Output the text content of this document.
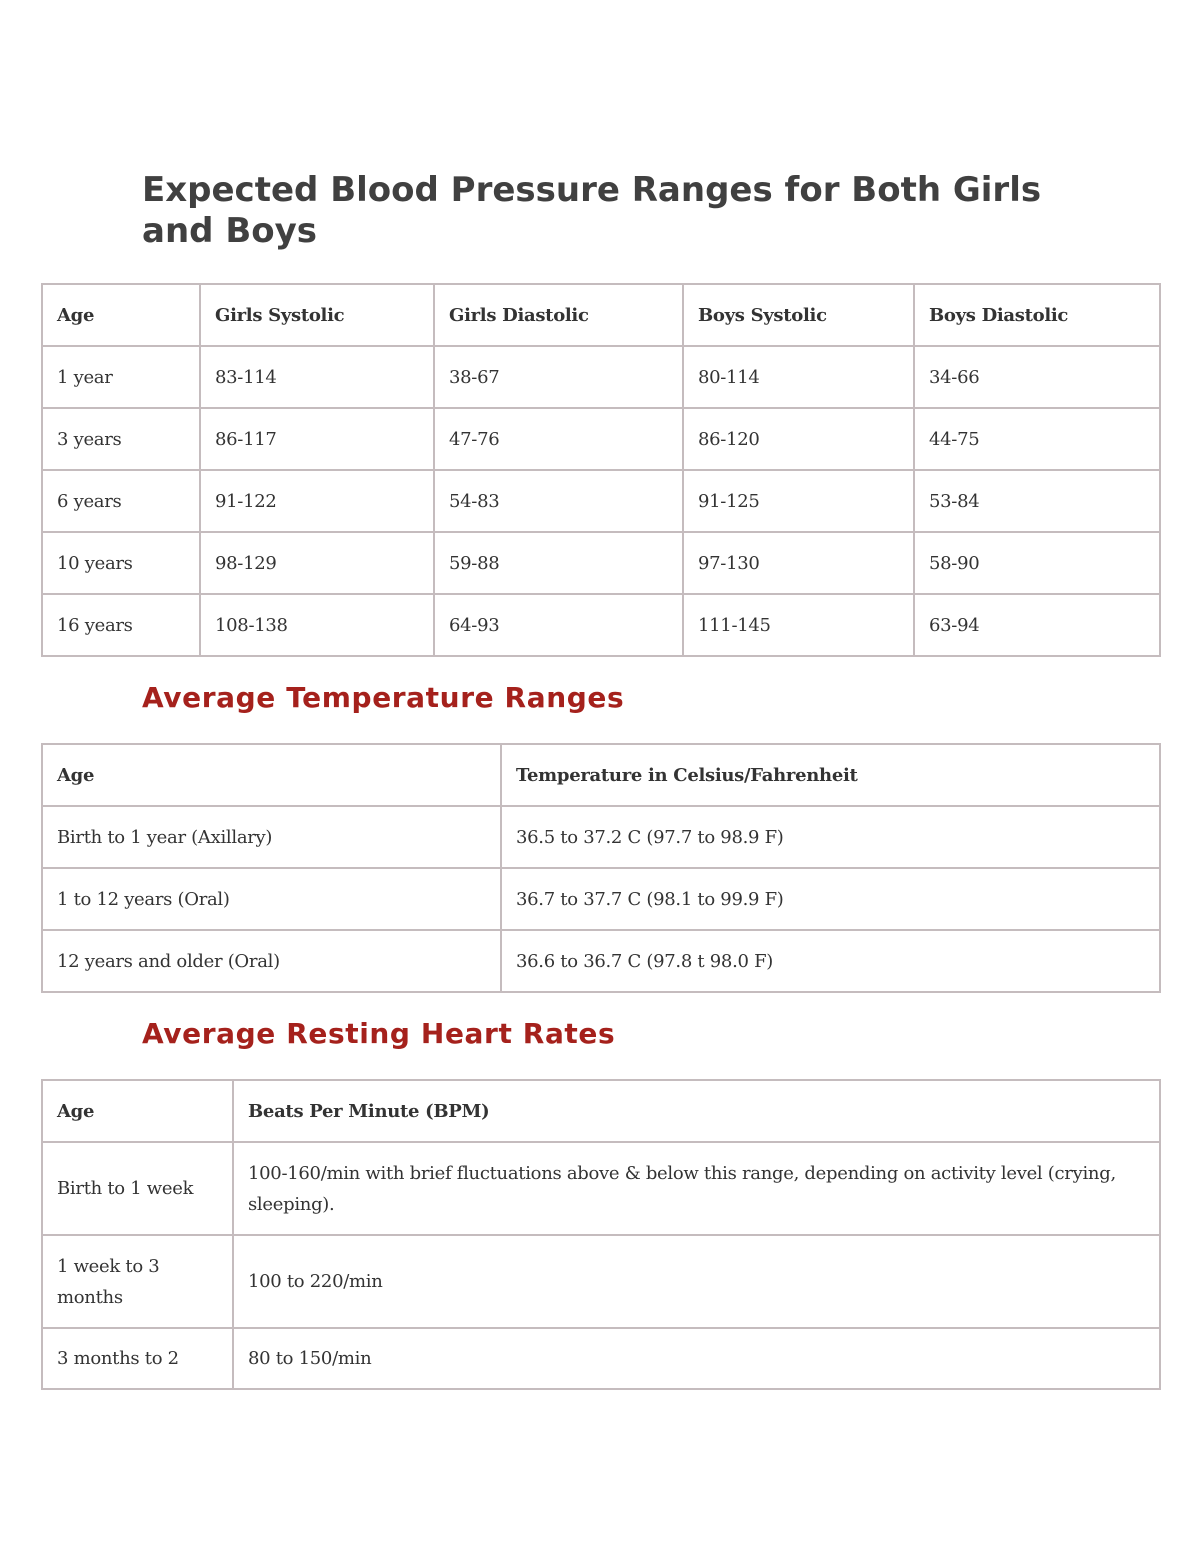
Expected Blood Pressure Ranges for Both Girls and Boys
Age	Girls Systolic	Girls Diastolic	Boys Systolic	Boys Diastolic
1 year	83-114	38-67	80-114	34-66
3 years	86-117	47-76	86-120	44-75
6 years	91-122	54-83	91-125	53-84
10 years	98-129	59-88	97-130	58-90
16 years	108-138	64-93	111-145	63-94
Average Temperature Ranges
Age	Temperature in Celsius/Fahrenheit
Birth to 1 year (Axillary)	36.5 to 37.2 C (97.7 to 98.9 F)
1 to 12 years (Oral)	36.7 to 37.7 C (98.1 to 99.9 F)
12 years and older (Oral)	36.6 to 36.7 C (97.8 t 98.0 F)
Average Resting Heart Rates
Age	Beats Per Minute (BPM)
Birth to 1 week	100-160/min with brief fluctuations above & below this range, depending on activity level (crying, sleeping).
1 week to 3 months	100 to 220/min
3 months to 2	80 to 150/min
